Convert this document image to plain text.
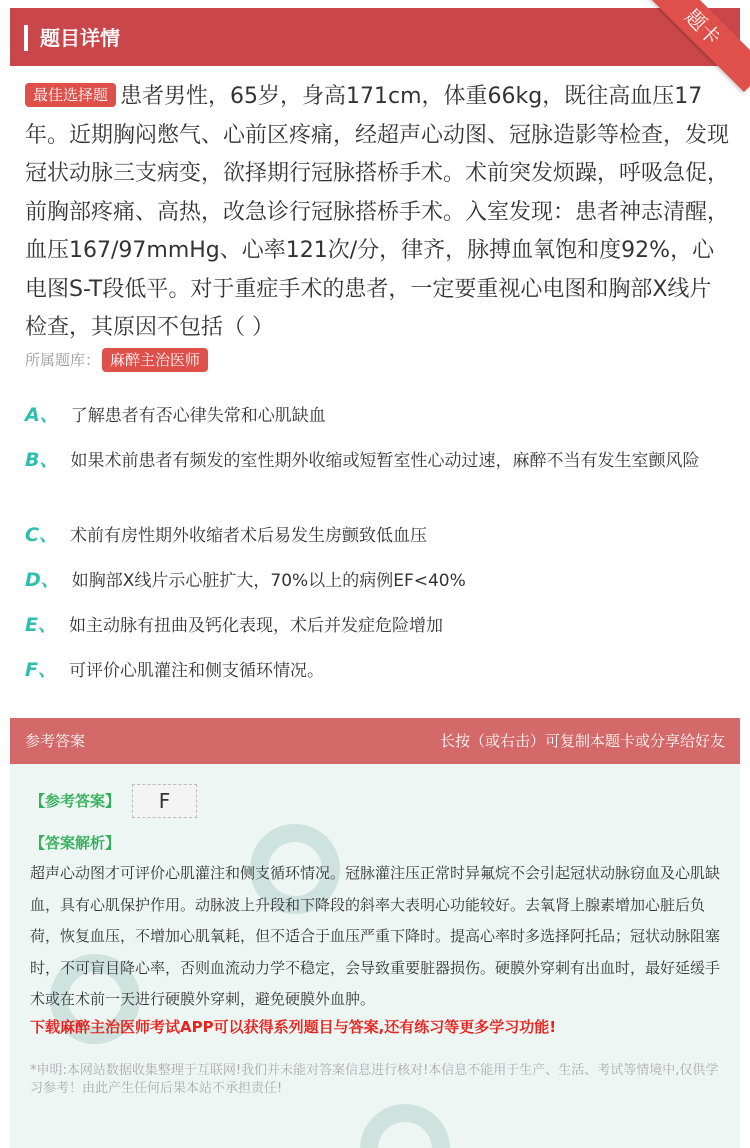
题目详情	题卡
最佳选择题 患者男性，65岁，身高171cm，体重66kg，既往高血压17年。近期胸闷憋气、心前区疼痛，经超声心动图、冠脉造影等检查，发现冠状动脉三支病变，欲择期行冠脉搭桥手术。术前突发烦躁，呼吸急促，前胸部疼痛、高热，改急诊行冠脉搭桥手术。入室发现：患者神志清醒，血压167/97mmHg、心率121次/分，律齐，脉搏血氧饱和度92%，心电图S-T段低平。对于重症手术的患者，一定要重视心电图和胸部X线片检查，其原因不包括（ ）
所属题库： 麻醉主治医师
A、 了解患者有否心律失常和心肌缺血
B、 如果术前患者有频发的室性期外收缩或短暂室性心动过速，麻醉不当有发生室颤风险
C、 术前有房性期外收缩者术后易发生房颤致低血压
D、 如胸部X线片示心脏扩大，70%以上的病例EF<40%
E、 如主动脉有扭曲及钙化表现，术后并发症危险增加
F、 可评价心肌灌注和侧支循环情况。
参考答案	长按（或右击）可复制本题卡或分享给好友
【参考答案】	F
【答案解析】
超声心动图才可评价心肌灌注和侧支循环情况。冠脉灌注压正常时异氟烷不会引起冠状动脉窃血及心肌缺血，具有心肌保护作用。动脉波上升段和下降段的斜率大表明心功能较好。去氧肾上腺素增加心脏后负荷，恢复血压，不增加心肌氧耗，但不适合于血压严重下降时。提高心率时多选择阿托品；冠状动脉阻塞时，不可盲目降心率，否则血流动力学不稳定，会导致重要脏器损伤。硬膜外穿刺有出血时，最好延缓手术或在术前一天进行硬膜外穿刺，避免硬膜外血肿。
下载麻醉主治医师考试APP可以获得系列题目与答案,还有练习等更多学习功能!
*申明:本网站数据收集整理于互联网!我们并未能对答案信息进行核对!本信息不能用于生产、生活、考试等情境中,仅供学习参考！由此产生任何后果本站不承担责任!
